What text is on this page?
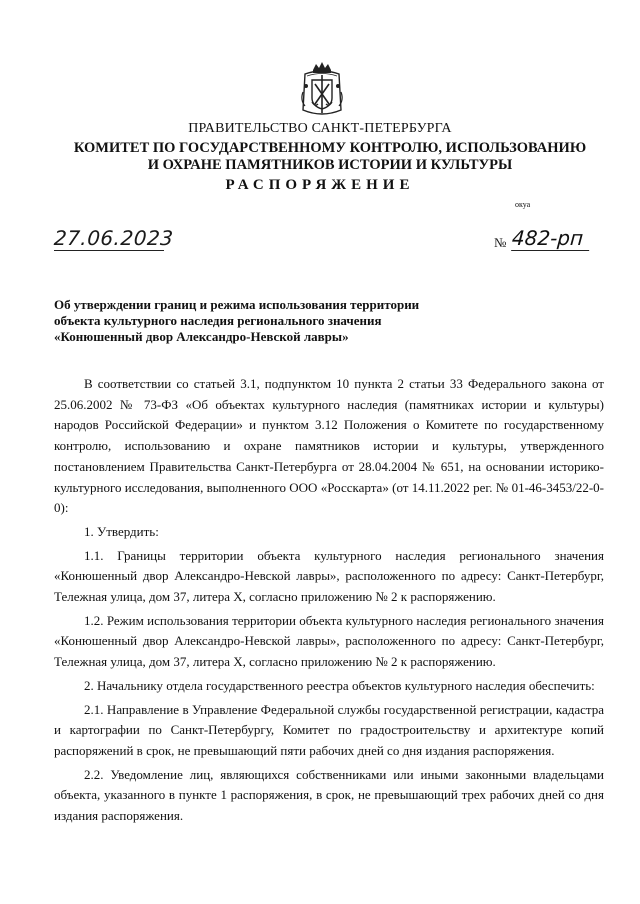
ПРАВИТЕЛЬСТВО САНКТ-ПЕТЕРБУРГА
КОМИТЕТ ПО ГОСУДАРСТВЕННОМУ КОНТРОЛЮ, ИСПОЛЬЗОВАНИЮ
И ОХРАНЕ ПАМЯТНИКОВ ИСТОРИИ И КУЛЬТУРЫ
РАСПОРЯЖЕНИЕ
окуа
27.06.2023	№ 482-рп
Об утверждении границ и режима использования территории
объекта культурного наследия регионального значения
«Конюшенный двор Александро-Невской лавры»

В соответствии со статьей 3.1, подпунктом 10 пункта 2 статьи 33 Федерального закона от 25.06.2002 № 73-ФЗ «Об объектах культурного наследия (памятниках истории и культуры) народов Российской Федерации» и пунктом 3.12 Положения о Комитете по государственному контролю, использованию и охране памятников истории и культуры, утвержденного постановлением Правительства Санкт-Петербурга от 28.04.2004 № 651, на основании историко-культурного исследования, выполненного ООО «Росскарта» (от 14.11.2022 рег. № 01-46-3453/22-0-0):

1. Утвердить:

1.1. Границы территории объекта культурного наследия регионального значения «Конюшенный двор Александро-Невской лавры», расположенного по адресу: Санкт-Петербург, Тележная улица, дом 37, литера Х, согласно приложению № 2 к распоряжению.

1.2. Режим использования территории объекта культурного наследия регионального значения «Конюшенный двор Александро-Невской лавры», расположенного по адресу: Санкт-Петербург, Тележная улица, дом 37, литера Х, согласно приложению № 2 к распоряжению.

2. Начальнику отдела государственного реестра объектов культурного наследия обеспечить:

2.1. Направление в Управление Федеральной службы государственной регистрации, кадастра и картографии по Санкт-Петербургу, Комитет по градостроительству и архитектуре копий распоряжений в срок, не превышающий пяти рабочих дней со дня издания распоряжения.

2.2. Уведомление лиц, являющихся собственниками или иными законными владельцами объекта, указанного в пункте 1 распоряжения, в срок, не превышающий трех рабочих дней со дня издания распоряжения.
